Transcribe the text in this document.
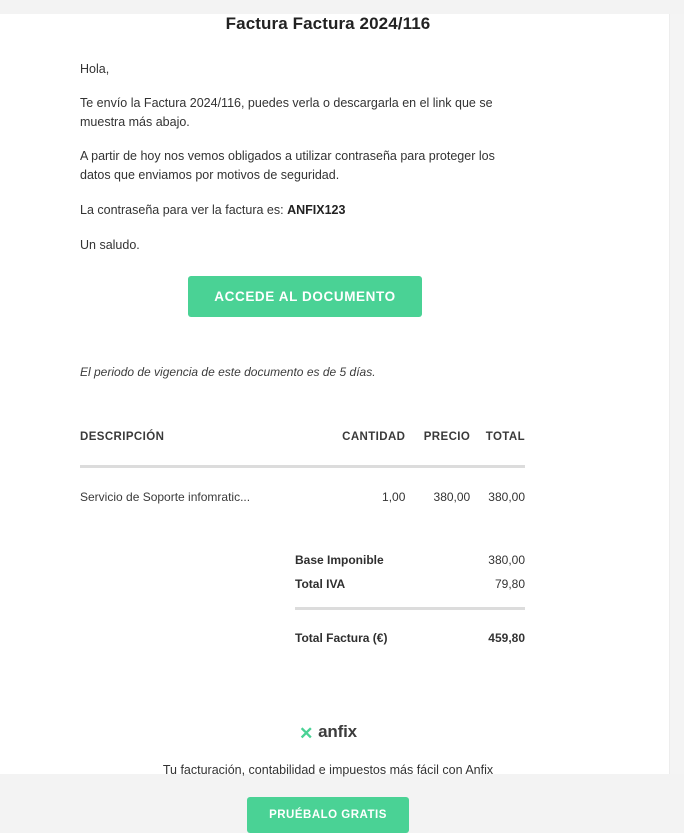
Factura Factura 2024/116

Hola,

Te envío la Factura 2024/116, puedes verla o descargarla en el link que se muestra más abajo.

A partir de hoy nos vemos obligados a utilizar contraseña para proteger los datos que enviamos por motivos de seguridad.

La contraseña para ver la factura es: ANFIX123

Un saludo.

ACCEDE AL DOCUMENTO
El periodo de vigencia de este documento es de 5 días.
DESCRIPCIÓN	CANTIDAD	PRECIO	TOTAL

Servicio de Soporte infomratic...	1,00	380,00	380,00
Base Imponible	380,00
Total IVA	79,80

Total Factura (€)	459,80
✕ anfix
Tu facturación, contabilidad e impuestos más fácil con Anfix
PRUÉBALO GRATIS
